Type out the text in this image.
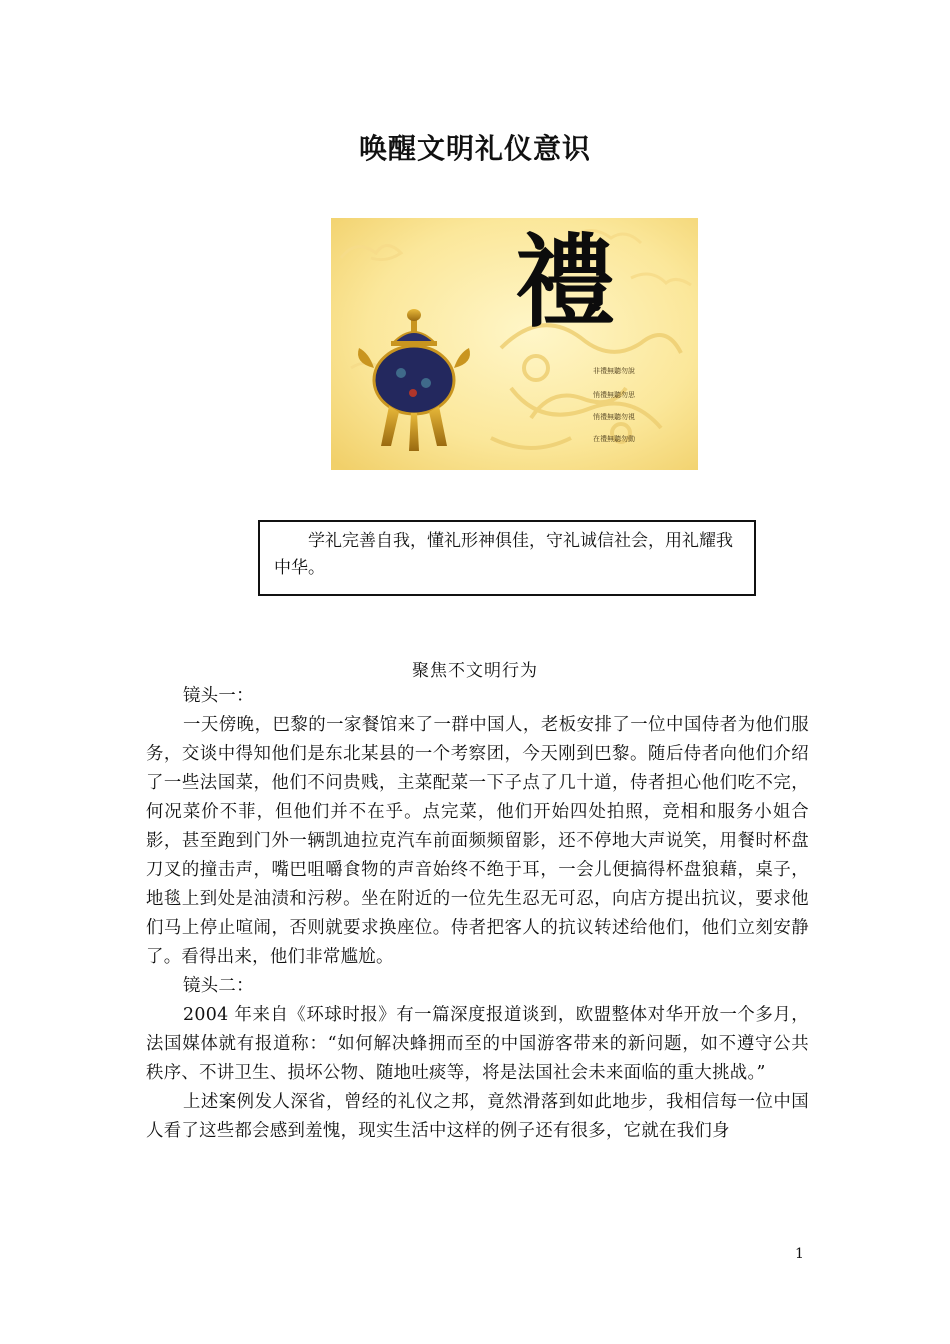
唤醒文明礼仪意识
禮
非禮無聽勿說
悄禮無聽勿思
悄禮無聽勿視
在禮無聽勿動
学礼完善自我，懂礼形神俱佳，守礼诚信社会，用礼耀我中华。
聚焦不文明行为

镜头一：

一天傍晚，巴黎的一家餐馆来了一群中国人，老板安排了一位中国侍者为他们服务，交谈中得知他们是东北某县的一个考察团，今天刚到巴黎。随后侍者向他们介绍了一些法国菜，他们不问贵贱，主菜配菜一下子点了几十道，侍者担心他们吃不完，何况菜价不菲，但他们并不在乎。点完菜，他们开始四处拍照，竞相和服务小姐合影，甚至跑到门外一辆凯迪拉克汽车前面频频留影，还不停地大声说笑，用餐时杯盘刀叉的撞击声，嘴巴咀嚼食物的声音始终不绝于耳，一会儿便搞得杯盘狼藉，桌子，地毯上到处是油渍和污秽。坐在附近的一位先生忍无可忍，向店方提出抗议，要求他们马上停止喧闹，否则就要求换座位。侍者把客人的抗议转述给他们，他们立刻安静了。看得出来，他们非常尴尬。

镜头二：

2004 年来自《环球时报》有一篇深度报道谈到，欧盟整体对华开放一个多月，法国媒体就有报道称：“如何解决蜂拥而至的中国游客带来的新问题，如不遵守公共秩序、不讲卫生、损坏公物、随地吐痰等，将是法国社会未来面临的重大挑战。”

上述案例发人深省，曾经的礼仪之邦，竟然滑落到如此地步，我相信每一位中国人看了这些都会感到羞愧，现实生活中这样的例子还有很多，它就在我们身

1
